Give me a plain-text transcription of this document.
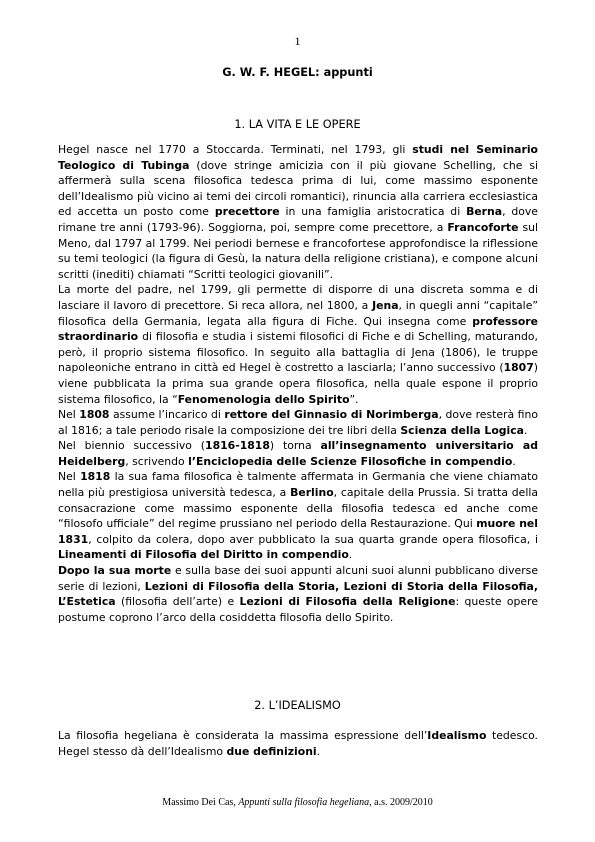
1
G. W. F. HEGEL: appunti
1. LA VITA E LE OPERE

Hegel nasce nel 1770 a Stoccarda. Terminati, nel 1793, gli studi nel Seminario Teologico di Tubinga (dove stringe amicizia con il più giovane Schelling, che si affermerà sulla scena filosofica tedesca prima di lui, come massimo esponente dell’Idealismo più vicino ai temi dei circoli romantici), rinuncia alla carriera ecclesiastica ed accetta un posto come precettore in una famiglia aristocratica di Berna, dove rimane tre anni (1793-96). Soggiorna, poi, sempre come precettore, a Francoforte sul Meno, dal 1797 al 1799. Nei periodi bernese e francofortese approfondisce la riflessione su temi teologici (la figura di Gesù, la natura della religione cristiana), e compone alcuni scritti (inediti) chiamati “Scritti teologici giovanili”.

La morte del padre, nel 1799, gli permette di disporre di una discreta somma e di lasciare il lavoro di precettore. Si reca allora, nel 1800, a Jena, in quegli anni “capitale” filosofica della Germania, legata alla figura di Fiche. Qui insegna come professore straordinario di filosofia e studia i sistemi filosofici di Fiche e di Schelling, maturando, però, il proprio sistema filosofico. In seguito alla battaglia di Jena (1806), le truppe napoleoniche entrano in città ed Hegel è costretto a lasciarla; l’anno successivo (1807) viene pubblicata la prima sua grande opera filosofica, nella quale espone il proprio sistema filosofico, la “Fenomenologia dello Spirito”.

Nel 1808 assume l’incarico di rettore del Ginnasio di Norimberga, dove resterà fino al 1816; a tale periodo risale la composizione dei tre libri della Scienza della Logica.

Nel biennio successivo (1816-1818) torna all’insegnamento universitario ad Heidelberg, scrivendo l’Enciclopedia delle Scienze Filosofiche in compendio.

Nel 1818 la sua fama filosofica è talmente affermata in Germania che viene chiamato nella più prestigiosa università tedesca, a Berlino, capitale della Prussia. Si tratta della consacrazione come massimo esponente della filosofia tedesca ed anche come “filosofo ufficiale” del regime prussiano nel periodo della Restaurazione. Qui muore nel 1831, colpito da colera, dopo aver pubblicato la sua quarta grande opera filosofica, i Lineamenti di Filosofia del Diritto in compendio.

Dopo la sua morte e sulla base dei suoi appunti alcuni suoi alunni pubblicano diverse serie di lezioni, Lezioni di Filosofia della Storia, Lezioni di Storia della Filosofia, L’Estetica (filosofia dell’arte) e Lezioni di Filosofia della Religione: queste opere postume coprono l’arco della cosiddetta filosofia dello Spirito.

2. L’IDEALISMO

La filosofia hegeliana è considerata la massima espressione dell’Idealismo tedesco. Hegel stesso dà dell’Idealismo due definizioni.

Massimo Dei Cas, Appunti sulla filosofia hegeliana, a.s. 2009/2010
